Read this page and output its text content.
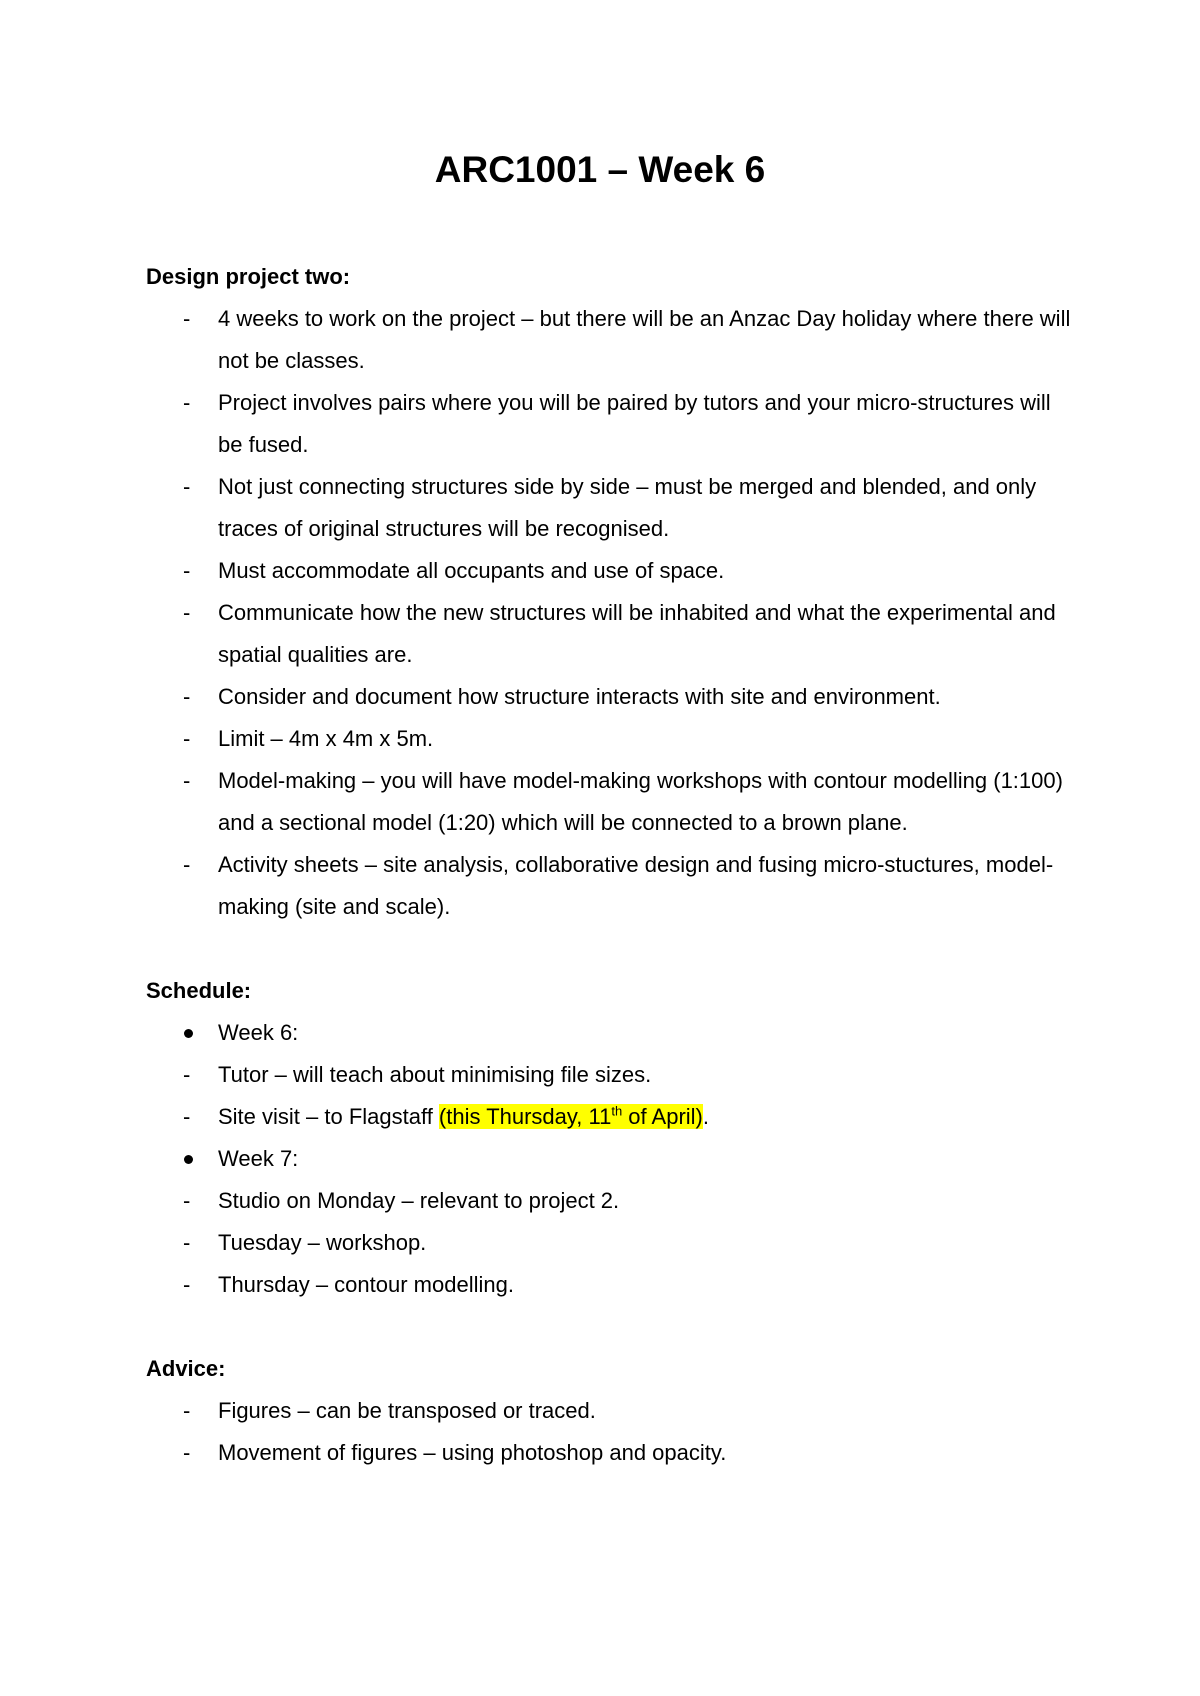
ARC1001 – Week 6

Design project two:

-	4 weeks to work on the project – but there will be an Anzac Day holiday where there will not be classes.
-	Project involves pairs where you will be paired by tutors and your micro-structures will be fused.
-	Not just connecting structures side by side – must be merged and blended, and only traces of original structures will be recognised.
-	Must accommodate all occupants and use of space.
-	Communicate how the new structures will be inhabited and what the experimental and spatial qualities are.
-	Consider and document how structure interacts with site and environment.
-	Limit – 4m x 4m x 5m.
-	Model-making – you will have model-making workshops with contour modelling (1:100) and a sectional model (1:20) which will be connected to a brown plane.
-	Activity sheets – site analysis, collaborative design and fusing micro-stuctures, model-making (site and scale).

Schedule:

Week 6:
-	Tutor – will teach about minimising file sizes.
-	Site visit – to Flagstaff (this Thursday, 11th of April).
Week 7:
-	Studio on Monday – relevant to project 2.
-	Tuesday – workshop.
-	Thursday – contour modelling.

Advice:

-	Figures – can be transposed or traced.
-	Movement of figures – using photoshop and opacity.
